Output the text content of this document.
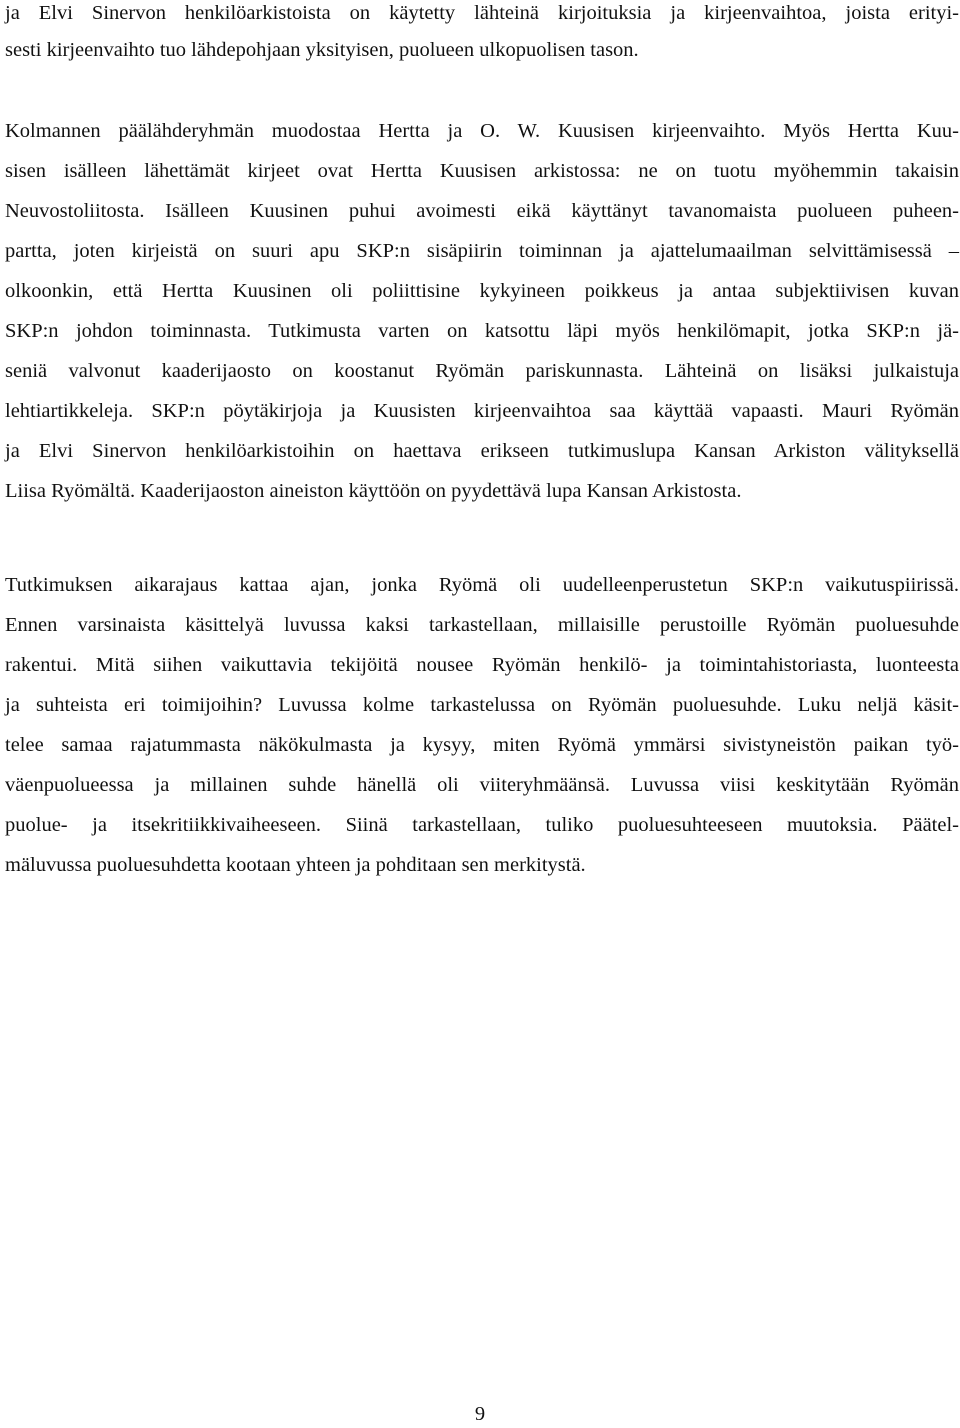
ja Elvi Sinervon henkilöarkistoista on käytetty lähteinä kirjoituksia ja kirjeenvaihtoa, joista erityi-
sesti kirjeenvaihto tuo lähdepohjaan yksityisen, puolueen ulkopuolisen tason.
Kolmannen päälähderyhmän muodostaa Hertta ja O. W. Kuusisen kirjeenvaihto. Myös Hertta Kuu-
sisen isälleen lähettämät kirjeet ovat Hertta Kuusisen arkistossa: ne on tuotu myöhemmin takaisin
Neuvostoliitosta. Isälleen Kuusinen puhui avoimesti eikä käyttänyt tavanomaista puolueen puheen-
partta, joten kirjeistä on suuri apu SKP:n sisäpiirin toiminnan ja ajattelumaailman selvittämisessä –
olkoonkin, että Hertta Kuusinen oli poliittisine kykyineen poikkeus ja antaa subjektiivisen kuvan
SKP:n johdon toiminnasta. Tutkimusta varten on katsottu läpi myös henkilömapit, jotka SKP:n jä-
seniä valvonut kaaderijaosto on koostanut Ryömän pariskunnasta. Lähteinä on lisäksi julkaistuja
lehtiartikkeleja. SKP:n pöytäkirjoja ja Kuusisten kirjeenvaihtoa saa käyttää vapaasti. Mauri Ryömän
ja Elvi Sinervon henkilöarkistoihin on haettava erikseen tutkimuslupa Kansan Arkiston välityksellä
Liisa Ryömältä. Kaaderijaoston aineiston käyttöön on pyydettävä lupa Kansan Arkistosta.
Tutkimuksen aikarajaus kattaa ajan, jonka Ryömä oli uudelleenperustetun SKP:n vaikutuspiirissä.
Ennen varsinaista käsittelyä luvussa kaksi tarkastellaan, millaisille perustoille Ryömän puoluesuhde
rakentui. Mitä siihen vaikuttavia tekijöitä nousee Ryömän henkilö- ja toimintahistoriasta, luonteesta
ja suhteista eri toimijoihin? Luvussa kolme tarkastelussa on Ryömän puoluesuhde. Luku neljä käsit-
telee samaa rajatummasta näkökulmasta ja kysyy, miten Ryömä ymmärsi sivistyneistön paikan työ-
väenpuolueessa ja millainen suhde hänellä oli viiteryhmäänsä. Luvussa viisi keskitytään Ryömän
puolue- ja itsekritiikkivaiheeseen. Siinä tarkastellaan, tuliko puoluesuhteeseen muutoksia. Päätel-
mäluvussa puoluesuhdetta kootaan yhteen ja pohditaan sen merkitystä.
9
